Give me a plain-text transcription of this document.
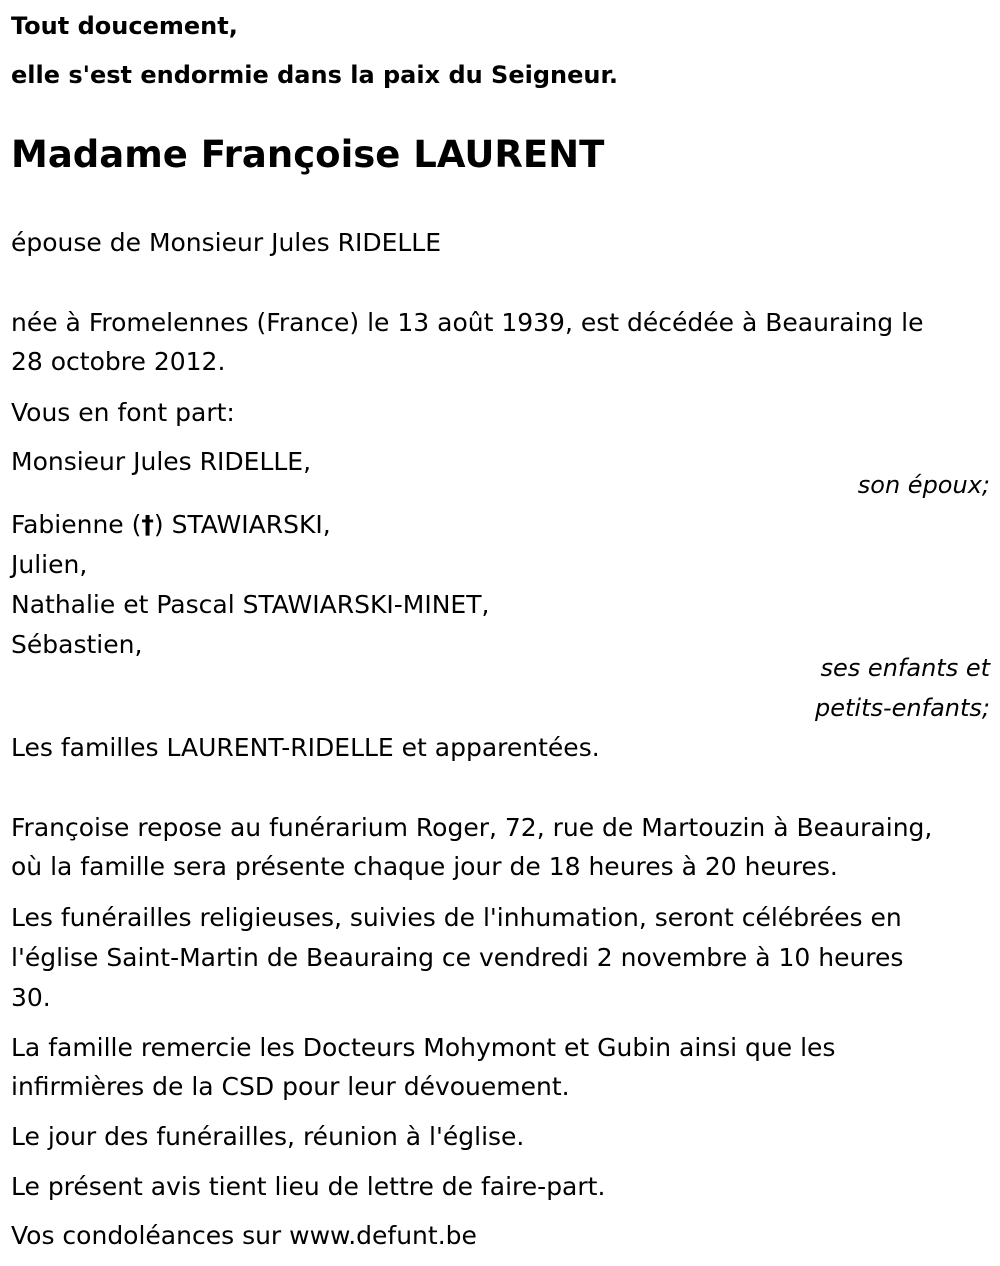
Tout doucement,
elle s'est endormie dans la paix du Seigneur.
Madame Françoise LAURENT
épouse de Monsieur Jules RIDELLE
née à Fromelennes (France) le 13 août 1939, est décédée à Beauraing le
28 octobre 2012.
Vous en font part:
Monsieur Jules RIDELLE,
son époux;
Fabienne (†) STAWIARSKI,
Julien,
Nathalie et Pascal STAWIARSKI-MINET,
Sébastien,
ses enfants et
petits-enfants;
Les familles LAURENT-RIDELLE et apparentées.
Françoise repose au funérarium Roger, 72, rue de Martouzin à Beauraing,
où la famille sera présente chaque jour de 18 heures à 20 heures.
Les funérailles religieuses, suivies de l'inhumation, seront célébrées en
l'église Saint-Martin de Beauraing ce vendredi 2 novembre à 10 heures
30.
La famille remercie les Docteurs Mohymont et Gubin ainsi que les
infirmières de la CSD pour leur dévouement.
Le jour des funérailles, réunion à l'église.
Le présent avis tient lieu de lettre de faire-part.
Vos condoléances sur www.defunt.be
